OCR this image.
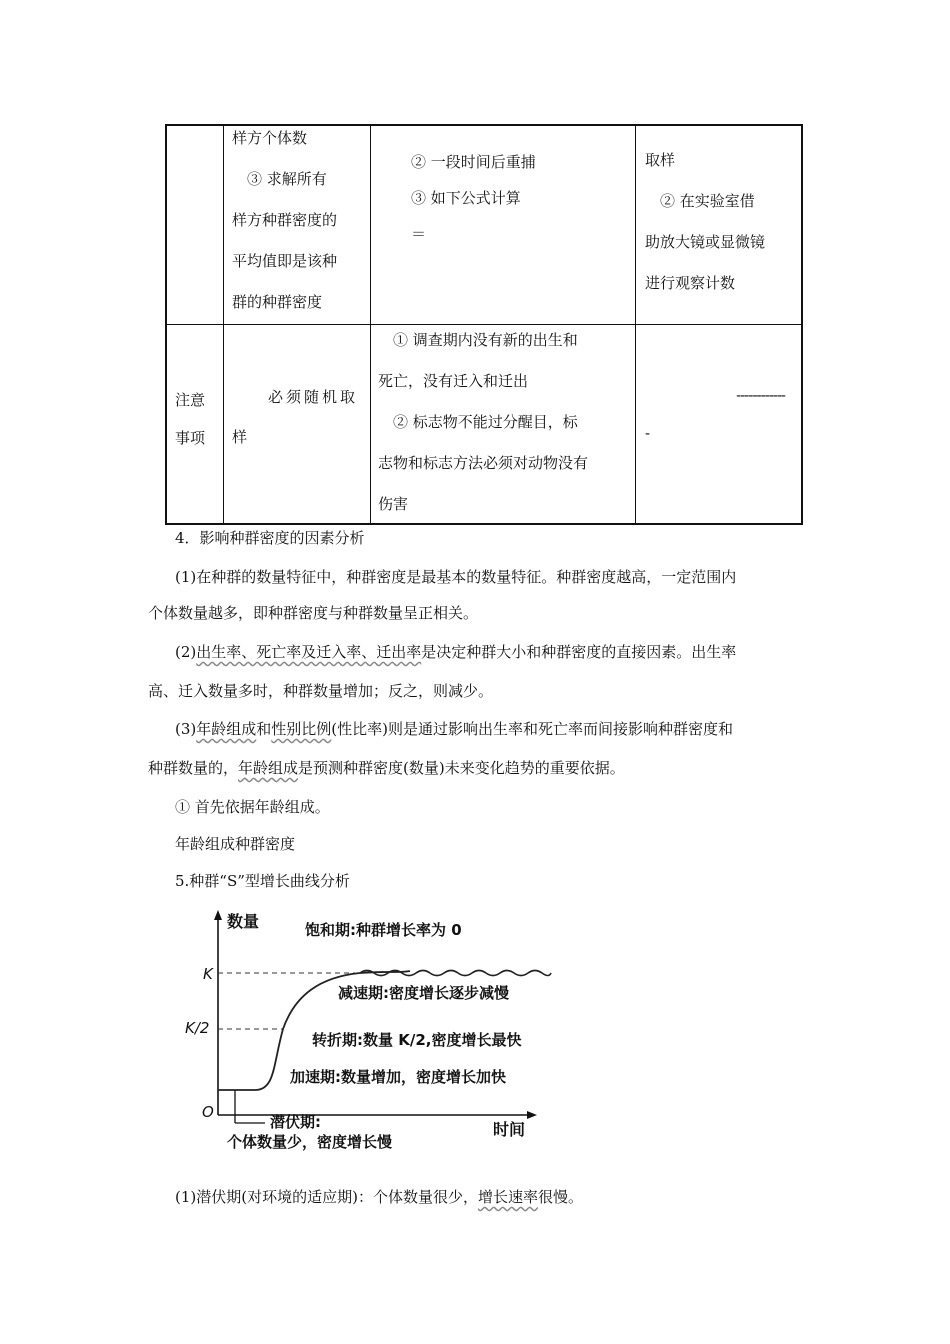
样方个体数
　③ 求解所有
样方种群密度的
平均值即是该种
群的种群密度
② 一段时间后重捕
③ 如下公式计算
＝
取样
　② 在实验室借
助放大镜或显微镜
进行观察计数
注意
事项
　　必须随机取
样
　① 调查期内没有新的出生和
死亡，没有迁入和迁出
　② 标志物不能过分醒目，标
志物和标志方法必须对动物没有
伤害
------------
-
4．影响种群密度的因素分析
(1)在种群的数量特征中，种群密度是最基本的数量特征。种群密度越高，一定范围内
个体数量越多，即种群密度与种群数量呈正相关。
(2)出生率、死亡率及迁入率、迁出率是决定种群大小和种群密度的直接因素。出生率
高、迁入数量多时，种群数量增加；反之，则减少。
(3)年龄组成和性别比例(性比率)则是通过影响出生率和死亡率而间接影响种群密度和
种群数量的，年龄组成是预测种群密度(数量)未来变化趋势的重要依据。
① 首先依据年龄组成。
年龄组成种群密度
5.种群“S”型增长曲线分析
数量
时间
O
K
K/2
饱和期:种群增长率为 0
减速期:密度增长逐步减慢
转折期:数量 K/2,密度增长最快
加速期:数量增加，密度增长加快
潜伏期:
个体数量少，密度增长慢
(1)潜伏期(对环境的适应期)：个体数量很少，增长速率很慢。
